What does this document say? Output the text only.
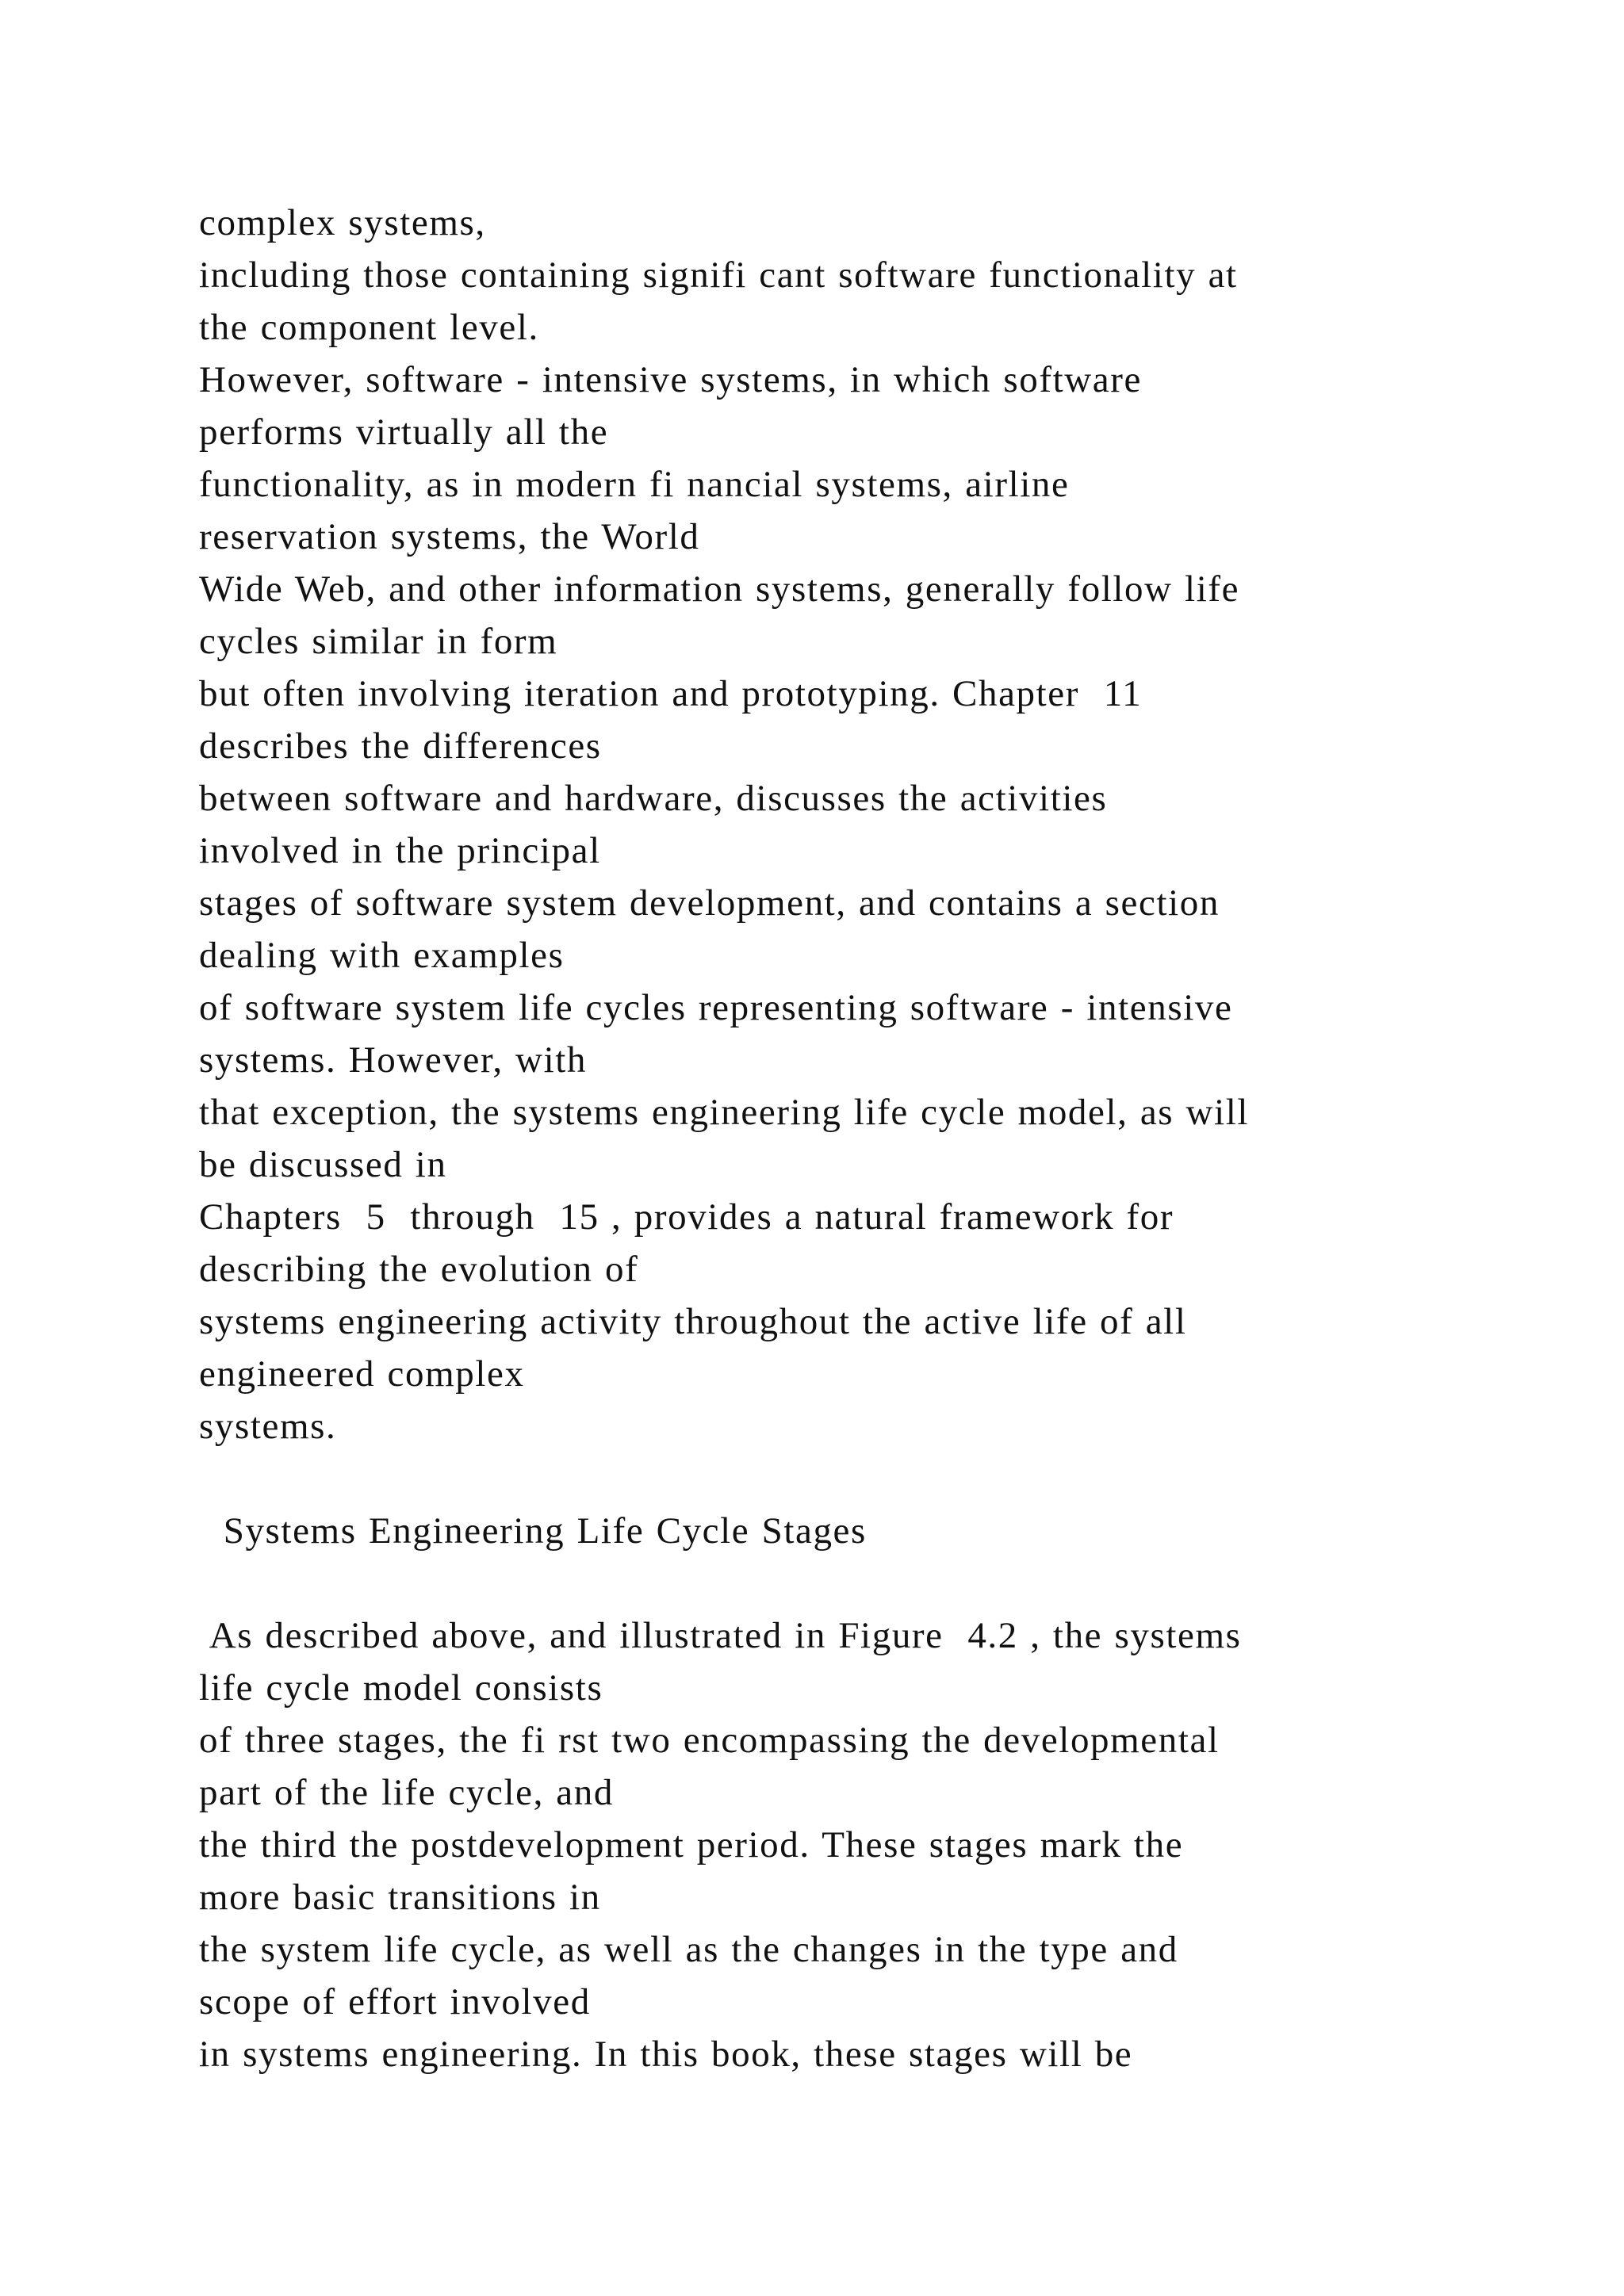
complex systems,
including those containing signifi cant software functionality at
the component level.
However, software - intensive systems, in which software
performs virtually all the
functionality, as in modern fi nancial systems, airline
reservation systems, the World
Wide Web, and other information systems, generally follow life
cycles similar in form
but often involving iteration and prototyping. Chapter  11
describes the differences
between software and hardware, discusses the activities
involved in the principal
stages of software system development, and contains a section
dealing with examples
of software system life cycles representing software - intensive
systems. However, with
that exception, the systems engineering life cycle model, as will
be discussed in
Chapters  5  through  15 , provides a natural framework for
describing the evolution of
systems engineering activity throughout the active life of all
engineered complex
systems.

Systems Engineering Life Cycle Stages

As described above, and illustrated in Figure  4.2 , the systems
life cycle model consists
of three stages, the fi rst two encompassing the developmental
part of the life cycle, and
the third the postdevelopment period. These stages mark the
more basic transitions in
the system life cycle, as well as the changes in the type and
scope of effort involved
in systems engineering. In this book, these stages will be
